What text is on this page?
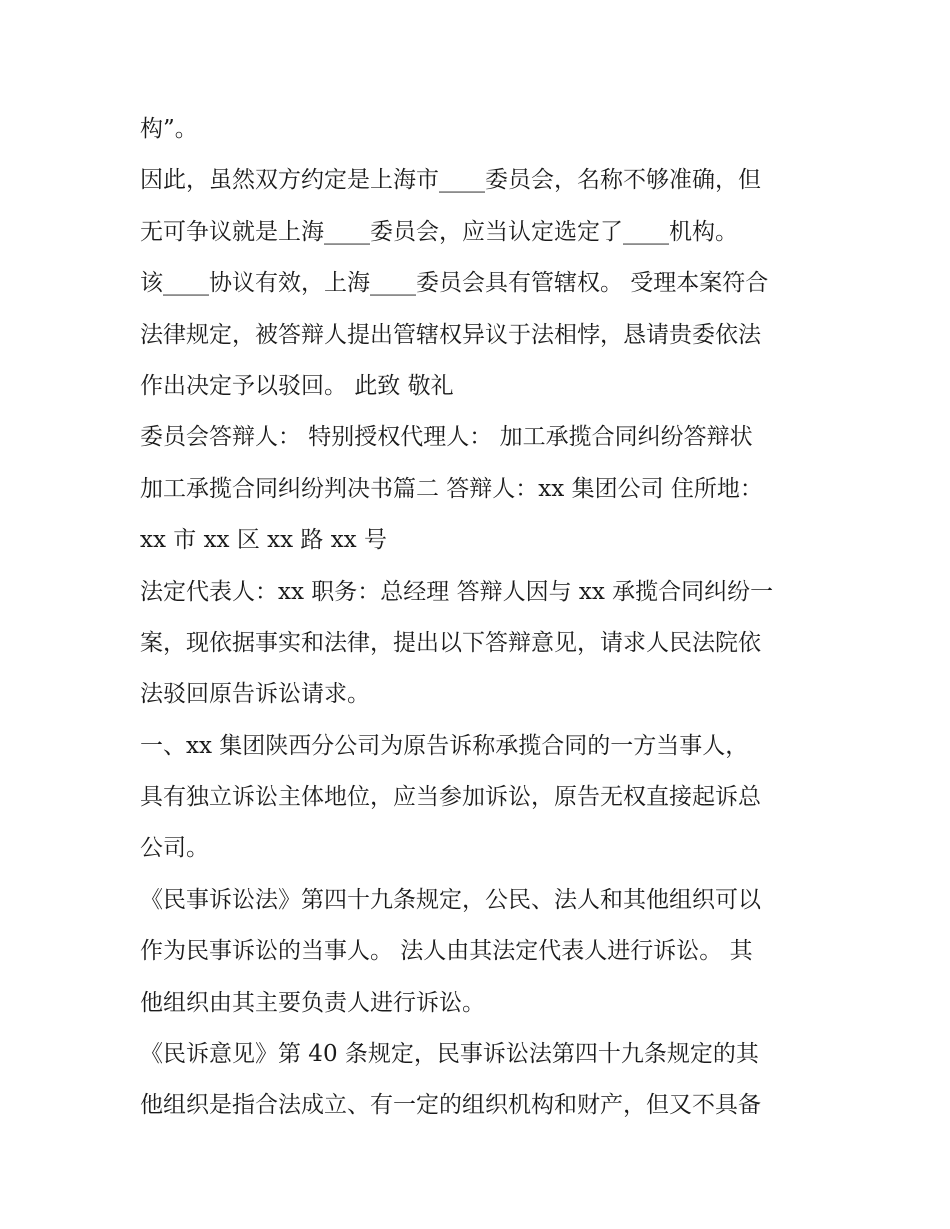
构”。
因此，虽然双方约定是上海市____委员会，名称不够准确，但
无可争议就是上海____委员会，应当认定选定了____机构。
该____协议有效，上海____委员会具有管辖权。 受理本案符合
法律规定，被答辩人提出管辖权异议于法相悖，恳请贵委依法
作出决定予以驳回。 此致 敬礼
委员会答辩人： 特别授权代理人： 加工承揽合同纠纷答辩状
加工承揽合同纠纷判决书篇二 答辩人：xx 集团公司 住所地：
xx 市 xx 区 xx 路 xx 号
法定代表人：xx 职务：总经理 答辩人因与 xx 承揽合同纠纷一
案，现依据事实和法律，提出以下答辩意见，请求人民法院依
法驳回原告诉讼请求。
一、xx 集团陕西分公司为原告诉称承揽合同的一方当事人，
具有独立诉讼主体地位，应当参加诉讼，原告无权直接起诉总
公司。
《民事诉讼法》第四十九条规定，公民、法人和其他组织可以
作为民事诉讼的当事人。 法人由其法定代表人进行诉讼。 其
他组织由其主要负责人进行诉讼。
《民诉意见》第 40 条规定，民事诉讼法第四十九条规定的其
他组织是指合法成立、有一定的组织机构和财产，但又不具备
